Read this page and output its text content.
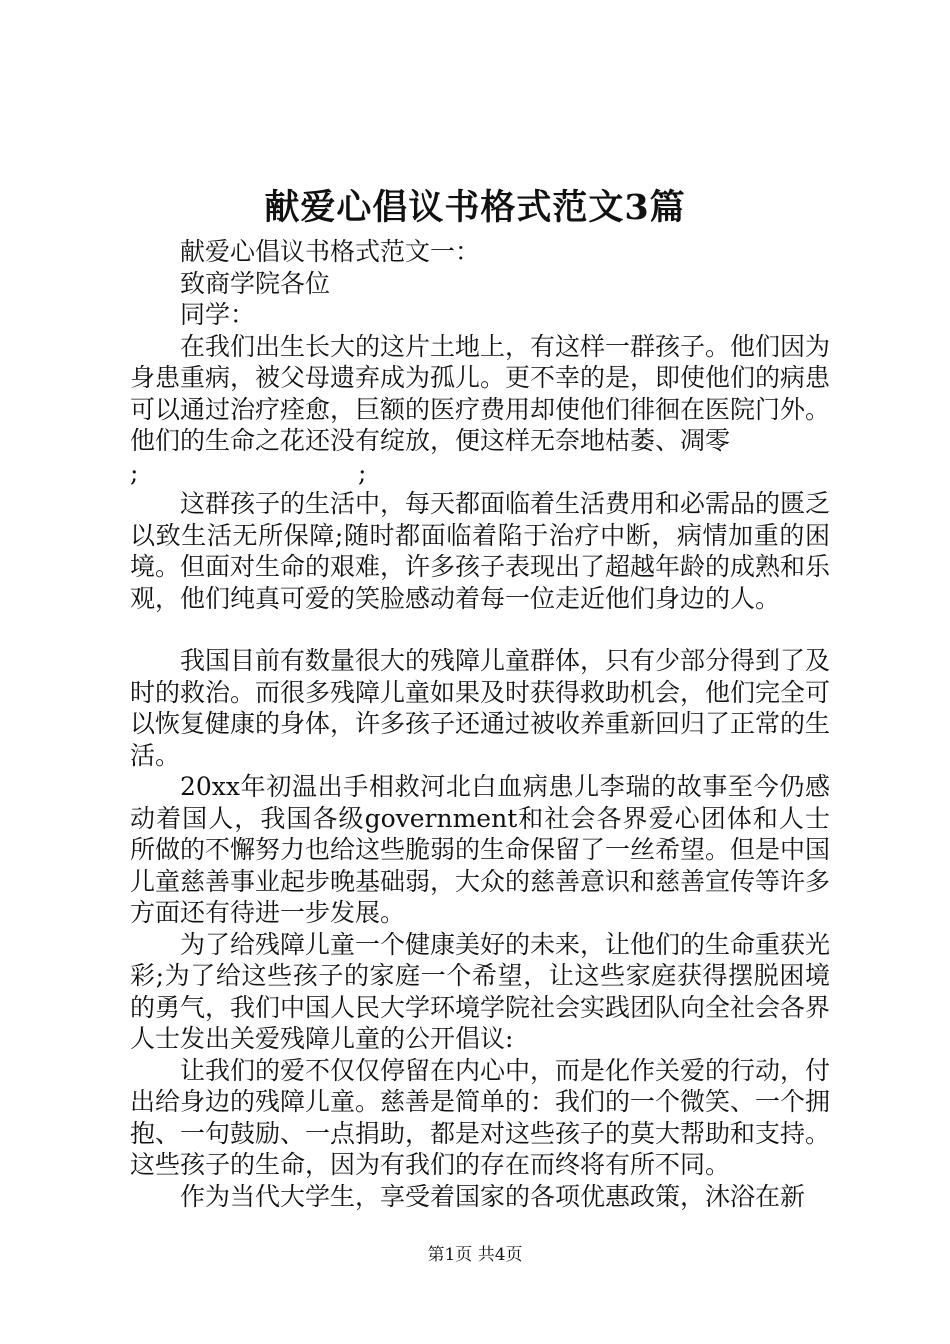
献爱心倡议书格式范文3篇

献爱心倡议书格式范文一：

致商学院各位

同学：

在我们出生长大的这片土地上，有这样一群孩子。他们因为身患重病，被父母遗弃成为孤儿。更不幸的是，即使他们的病患可以通过治疗痊愈，巨额的医疗费用却使他们徘徊在医院门外。他们的生命之花还没有绽放，便这样无奈地枯萎、凋零

;	;

这群孩子的生活中，每天都面临着生活费用和必需品的匮乏以致生活无所保障;随时都面临着陷于治疗中断，病情加重的困境。但面对生命的艰难，许多孩子表现出了超越年龄的成熟和乐观，他们纯真可爱的笑脸感动着每一位走近他们身边的人。

我国目前有数量很大的残障儿童群体，只有少部分得到了及时的救治。而很多残障儿童如果及时获得救助机会，他们完全可以恢复健康的身体，许多孩子还通过被收养重新回归了正常的生活。

20xx年初温出手相救河北白血病患儿李瑞的故事至今仍感动着国人，我国各级government和社会各界爱心团体和人士所做的不懈努力也给这些脆弱的生命保留了一丝希望。但是中国儿童慈善事业起步晚基础弱，大众的慈善意识和慈善宣传等许多方面还有待进一步发展。

为了给残障儿童一个健康美好的未来，让他们的生命重获光彩;为了给这些孩子的家庭一个希望，让这些家庭获得摆脱困境的勇气，我们中国人民大学环境学院社会实践团队向全社会各界人士发出关爱残障儿童的公开倡议:

让我们的爱不仅仅停留在内心中，而是化作关爱的行动，付出给身边的残障儿童。慈善是简单的：我们的一个微笑、一个拥抱、一句鼓励、一点捐助，都是对这些孩子的莫大帮助和支持。这些孩子的生命，因为有我们的存在而终将有所不同。

作为当代大学生，享受着国家的各项优惠政策，沐浴在新

第1页 共4页
